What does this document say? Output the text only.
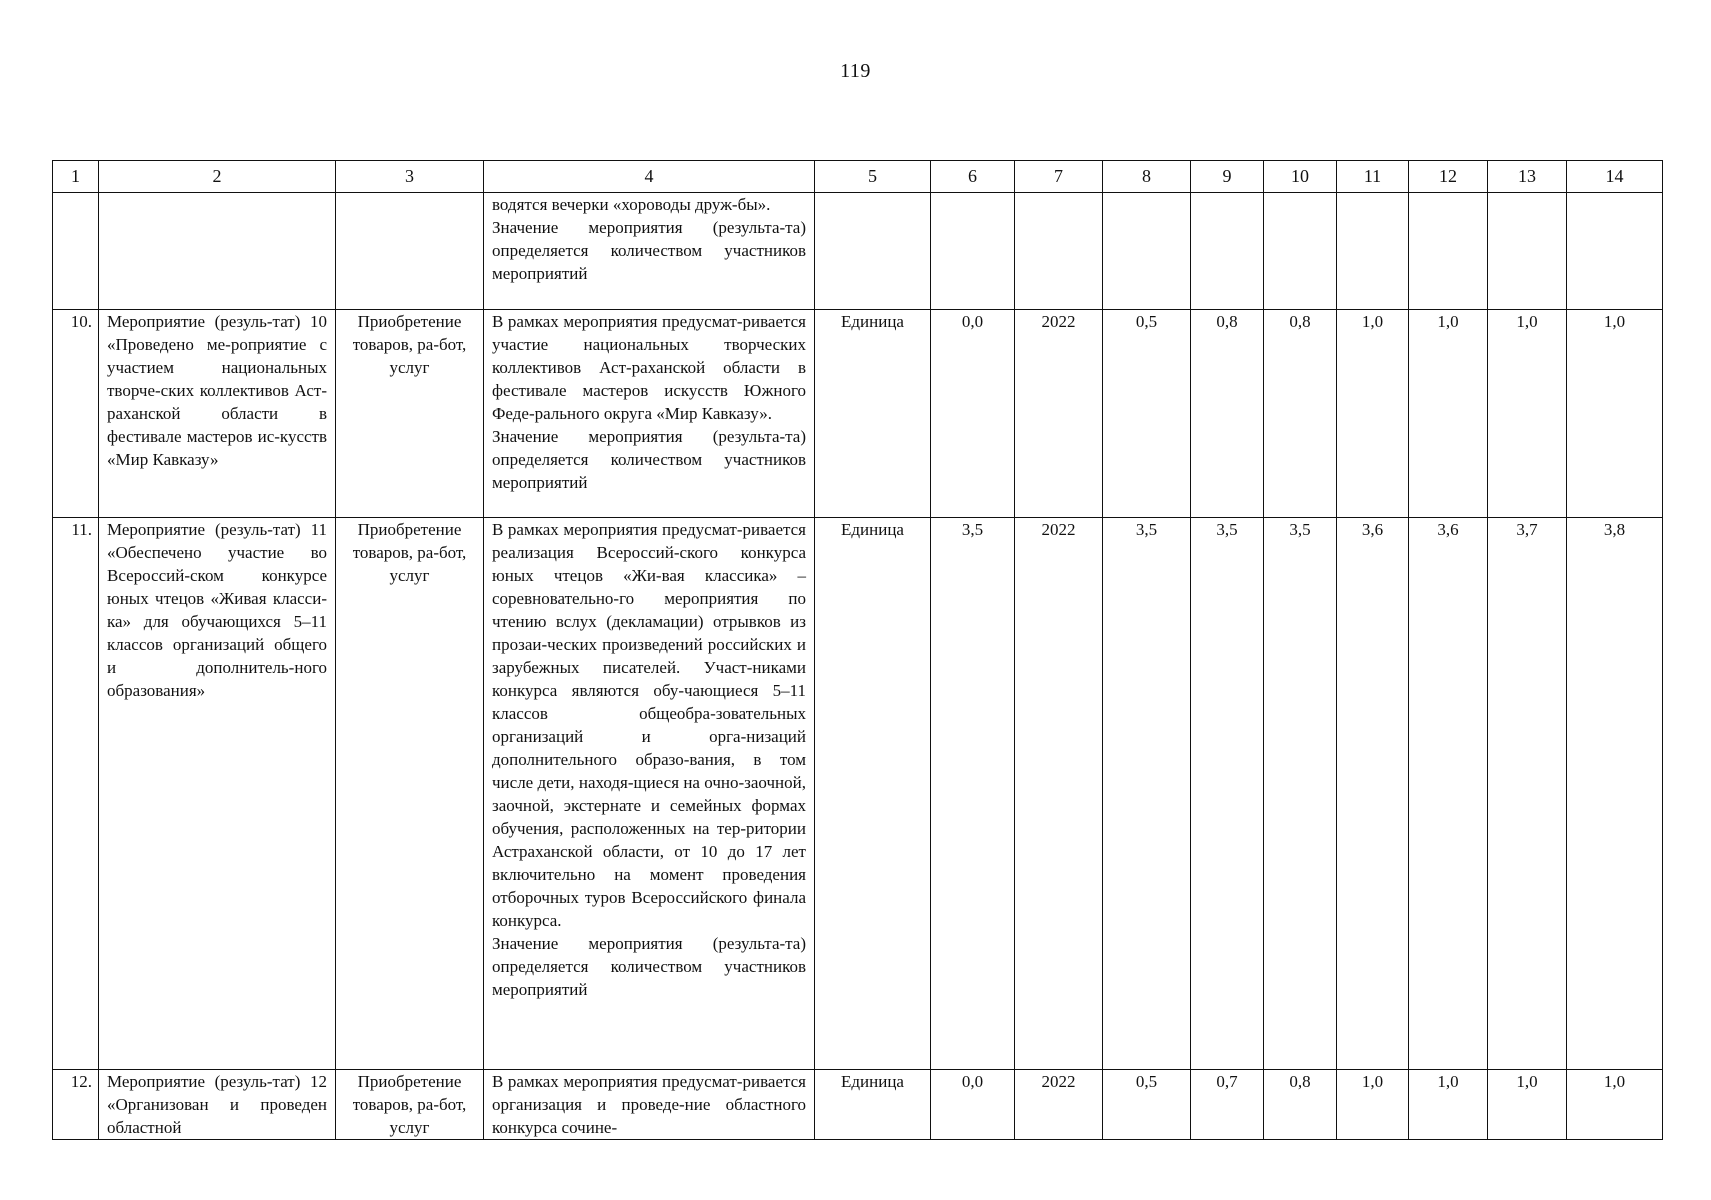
119
1	2	3	4	5	6	7	8	9	10	11	12	13	14

			водятся вечерки «хороводы друж-бы».
Значение мероприятия (результа-та) определяется количеством участников мероприятий										

10.	Мероприятие (резуль-тат) 10 «Проведено ме-роприятие с участием национальных творче-ских коллективов Аст-раханской области в фестивале мастеров ис-кусств «Мир Кавказу»	Приобретение товаров, ра-бот, услуг	В рамках мероприятия предусмат-ривается участие национальных творческих коллективов Аст-раханской области в фестивале мастеров искусств Южного Феде-рального округа «Мир Кавказу».
Значение мероприятия (результа-та) определяется количеством участников мероприятий	Единица	0,0	2022	0,5	0,8	0,8	1,0	1,0	1,0	1,0
11.	Мероприятие (резуль-тат) 11 «Обеспечено участие во Всероссий-ском конкурсе юных чтецов «Живая класси-ка» для обучающихся 5–11 классов организаций общего и дополнитель-ного образования»	Приобретение товаров, ра-бот, услуг	В рамках мероприятия предусмат-ривается реализация Всероссий-ского конкурса юных чтецов «Жи-вая классика» – соревновательно-го мероприятия по чтению вслух (декламации) отрывков из прозаи-ческих произведений российских и зарубежных писателей. Участ-никами конкурса являются обу-чающиеся 5–11 классов общеобра-зовательных организаций и орга-низаций дополнительного образо-вания, в том числе дети, находя-щиеся на очно-заочной, заочной, экстернате и семейных формах обучения, расположенных на тер-ритории Астраханской области, от 10 до 17 лет включительно на момент проведения отборочных туров Всероссийского финала конкурса.
Значение мероприятия (результа-та) определяется количеством участников мероприятий	Единица	3,5	2022	3,5	3,5	3,5	3,6	3,6	3,7	3,8
12.	Мероприятие (резуль-тат) 12 «Организован и проведен областной	Приобретение товаров, ра-бот, услуг	В рамках мероприятия предусмат-ривается организация и проведе-ние областного конкурса сочине-	Единица	0,0	2022	0,5	0,7	0,8	1,0	1,0	1,0	1,0
